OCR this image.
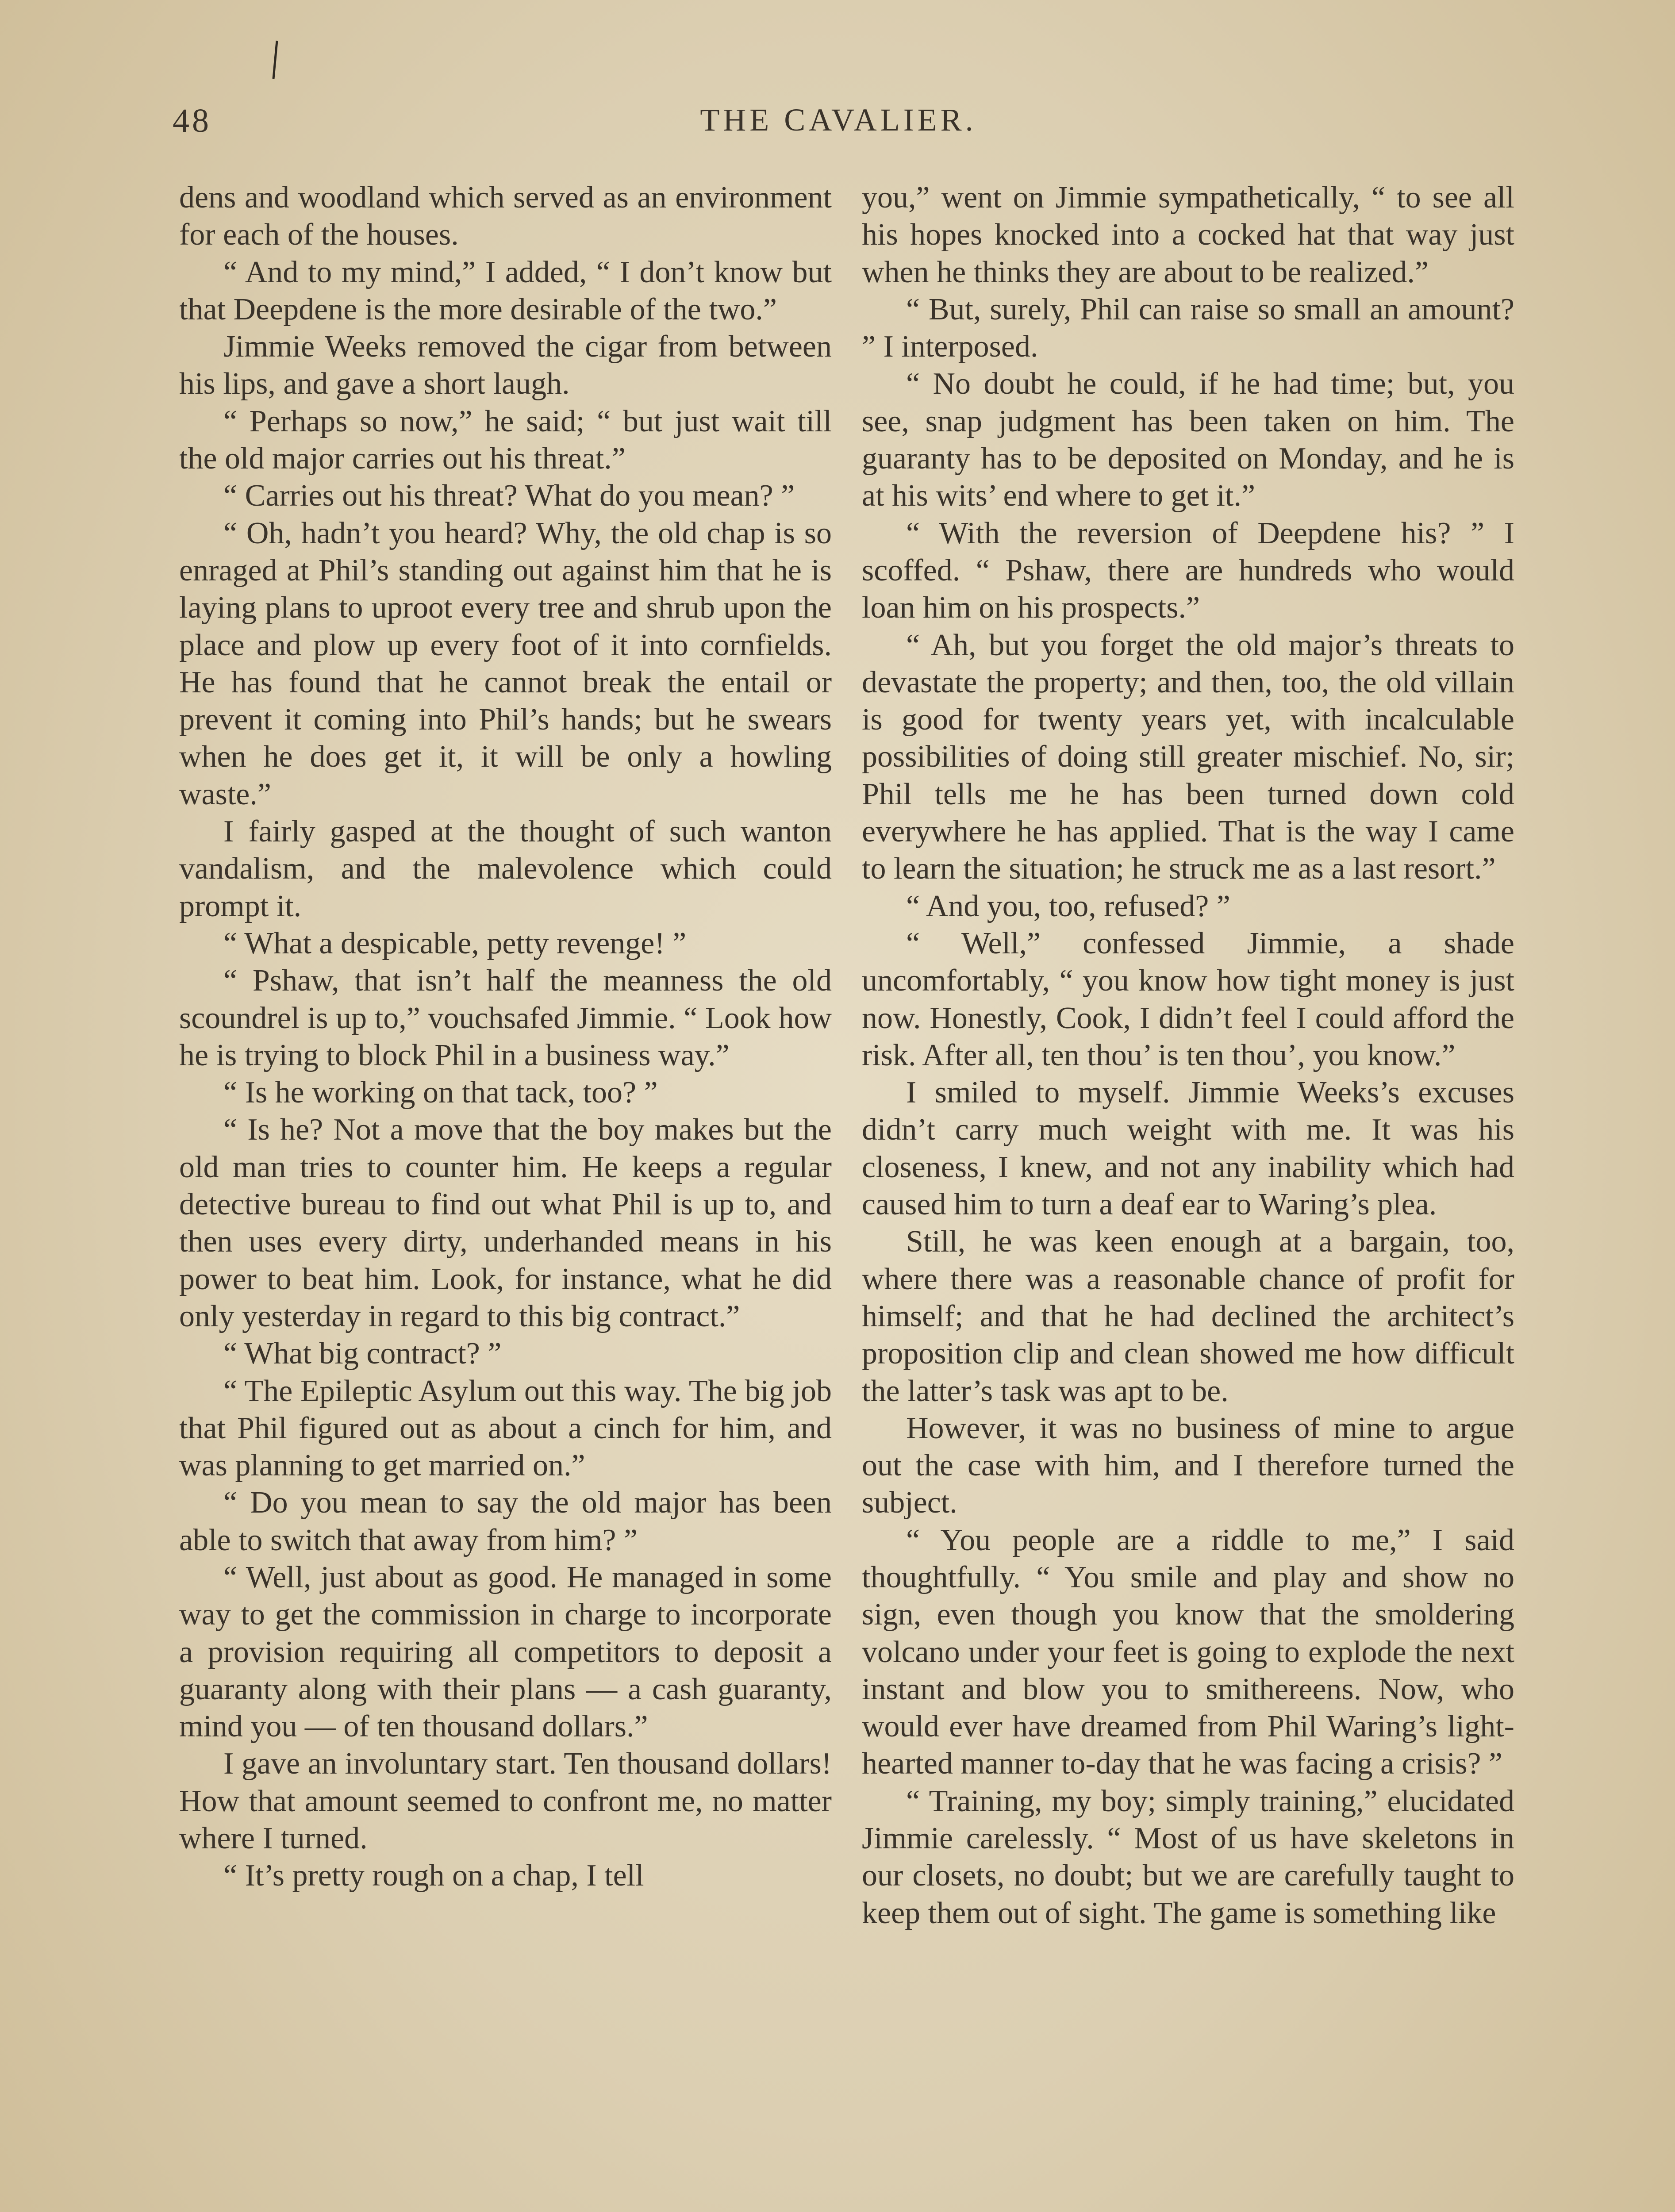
48	THE CAVALIER.

dens and woodland which served as an environment for each of the houses.

“ And to my mind,” I added, “ I don’t know but that Deepdene is the more desirable of the two.”

Jimmie Weeks removed the cigar from between his lips, and gave a short laugh.

“ Perhaps so now,” he said; “ but just wait till the old major carries out his threat.”

“ Carries out his threat? What do you mean? ”

“ Oh, hadn’t you heard? Why, the old chap is so enraged at Phil’s standing out against him that he is laying plans to uproot every tree and shrub upon the place and plow up every foot of it into cornfields. He has found that he cannot break the entail or prevent it coming into Phil’s hands; but he swears when he does get it, it will be only a howling waste.”

I fairly gasped at the thought of such wanton vandalism, and the malevolence which could prompt it.

“ What a despicable, petty revenge! ”

“ Pshaw, that isn’t half the meanness the old scoundrel is up to,” vouchsafed Jimmie. “ Look how he is trying to block Phil in a business way.”

“ Is he working on that tack, too? ”

“ Is he? Not a move that the boy makes but the old man tries to counter him. He keeps a regular detective bureau to find out what Phil is up to, and then uses every dirty, underhanded means in his power to beat him. Look, for instance, what he did only yesterday in regard to this big contract.”

“ What big contract? ”

“ The Epileptic Asylum out this way. The big job that Phil figured out as about a cinch for him, and was planning to get married on.”

“ Do you mean to say the old major has been able to switch that away from him? ”

“ Well, just about as good. He managed in some way to get the commission in charge to incorporate a provision requiring all competitors to deposit a guaranty along with their plans — a cash guaranty, mind you — of ten thousand dollars.”

I gave an involuntary start. Ten thousand dollars! How that amount seemed to confront me, no matter where I turned.

“ It’s pretty rough on a chap, I tell

you,” went on Jimmie sympathetically, “ to see all his hopes knocked into a cocked hat that way just when he thinks they are about to be realized.”

“ But, surely, Phil can raise so small an amount? ” I interposed.

“ No doubt he could, if he had time; but, you see, snap judgment has been taken on him. The guaranty has to be deposited on Monday, and he is at his wits’ end where to get it.”

“ With the reversion of Deepdene his? ” I scoffed. “ Pshaw, there are hundreds who would loan him on his prospects.”

“ Ah, but you forget the old major’s threats to devastate the property; and then, too, the old villain is good for twenty years yet, with incalculable possibilities of doing still greater mischief. No, sir; Phil tells me he has been turned down cold everywhere he has applied. That is the way I came to learn the situation; he struck me as a last resort.”

“ And you, too, refused? ”

“ Well,” confessed Jimmie, a shade uncomfortably, “ you know how tight money is just now. Honestly, Cook, I didn’t feel I could afford the risk. After all, ten thou’ is ten thou’, you know.”

I smiled to myself. Jimmie Weeks’s excuses didn’t carry much weight with me. It was his closeness, I knew, and not any inability which had caused him to turn a deaf ear to Waring’s plea.

Still, he was keen enough at a bargain, too, where there was a reasonable chance of profit for himself; and that he had declined the architect’s proposition clip and clean showed me how difficult the latter’s task was apt to be.

However, it was no business of mine to argue out the case with him, and I therefore turned the subject.

“ You people are a riddle to me,” I said thoughtfully. “ You smile and play and show no sign, even though you know that the smoldering volcano under your feet is going to explode the next instant and blow you to smithereens. Now, who would ever have dreamed from Phil Waring’s light-hearted manner to-day that he was facing a crisis? ”

“ Training, my boy; simply training,” elucidated Jimmie carelessly. “ Most of us have skeletons in our closets, no doubt; but we are carefully taught to keep them out of sight. The game is something like
